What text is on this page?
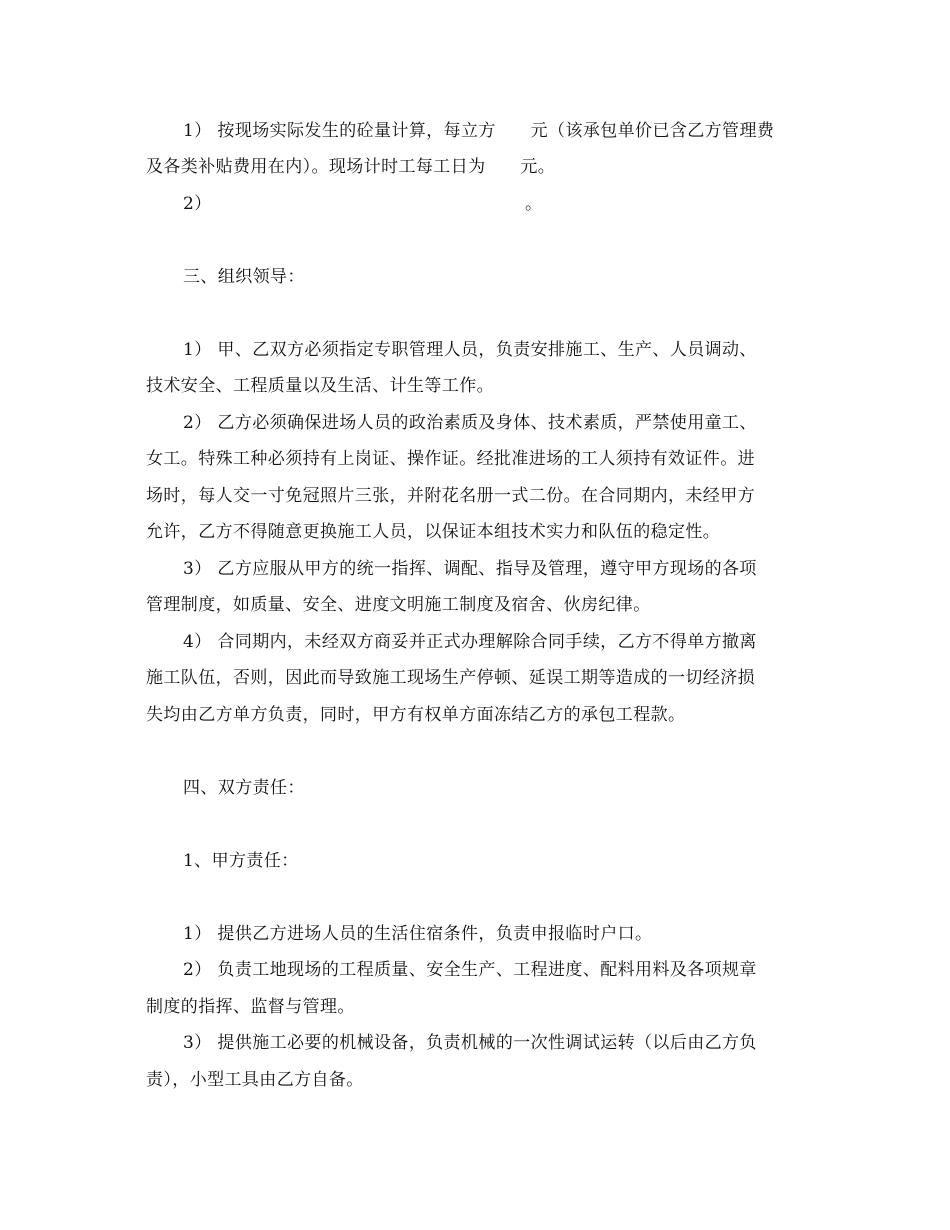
1） 按现场实际发生的砼量计算，每立方      元（该承包单价已含乙方管理费
及各类补贴费用在内）。现场计时工每工日为      元。
2）                                                      。
三、组织领导：
1） 甲、乙双方必须指定专职管理人员，负责安排施工、生产、人员调动、
技术安全、工程质量以及生活、计生等工作。
2） 乙方必须确保进场人员的政治素质及身体、技术素质，严禁使用童工、
女工。特殊工种必须持有上岗证、操作证。经批准进场的工人须持有效证件。进
场时，每人交一寸免冠照片三张，并附花名册一式二份。在合同期内，未经甲方
允许，乙方不得随意更换施工人员，以保证本组技术实力和队伍的稳定性。
3） 乙方应服从甲方的统一指挥、调配、指导及管理，遵守甲方现场的各项
管理制度，如质量、安全、进度文明施工制度及宿舍、伙房纪律。
4） 合同期内，未经双方商妥并正式办理解除合同手续，乙方不得单方撤离
施工队伍，否则，因此而导致施工现场生产停顿、延误工期等造成的一切经济损
失均由乙方单方负责，同时，甲方有权单方面冻结乙方的承包工程款。
四、双方责任：
1、甲方责任：
1） 提供乙方进场人员的生活住宿条件，负责申报临时户口。
2） 负责工地现场的工程质量、安全生产、工程进度、配料用料及各项规章
制度的指挥、监督与管理。
3） 提供施工必要的机械设备，负责机械的一次性调试运转（以后由乙方负
责），小型工具由乙方自备。
